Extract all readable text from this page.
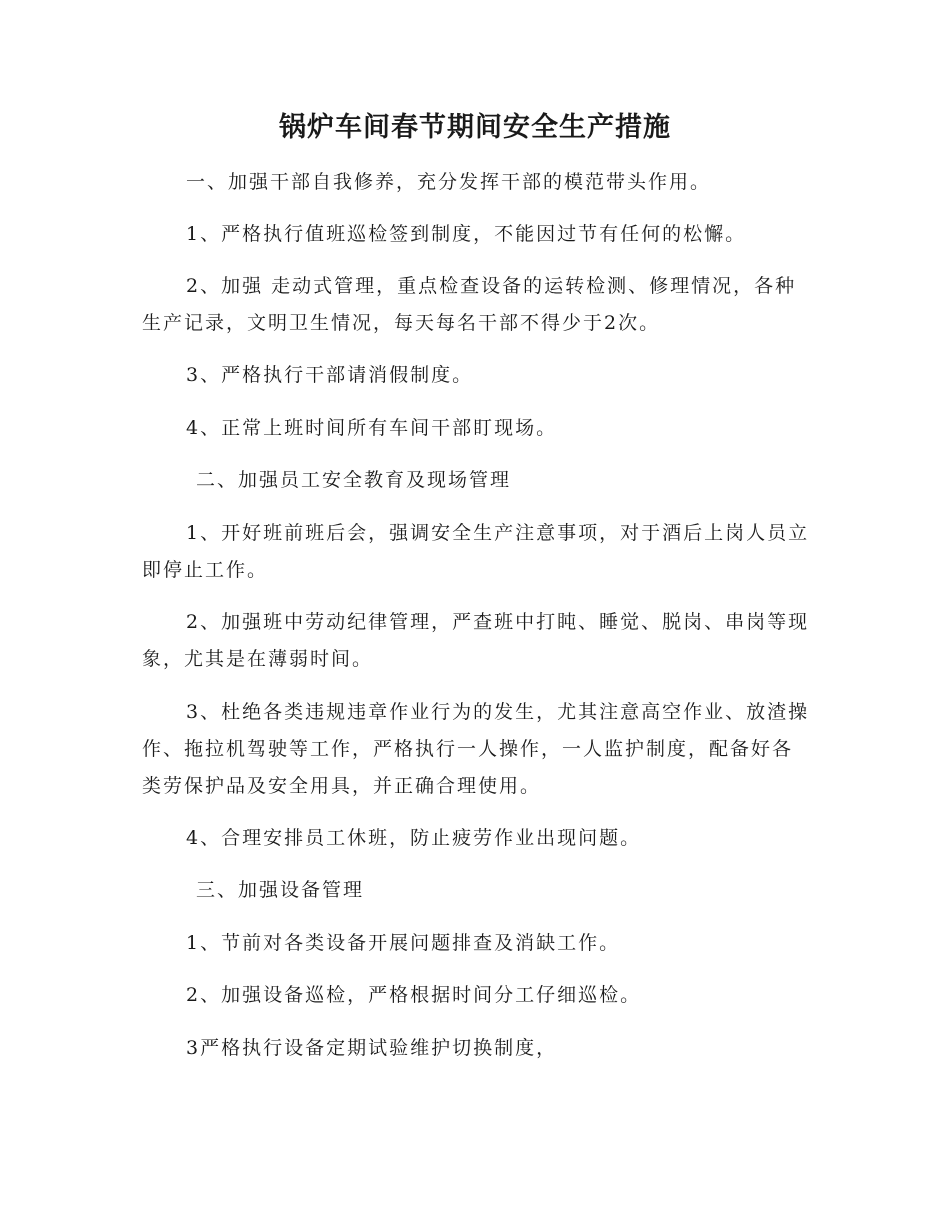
锅炉车间春节期间安全生产措施

一、加强干部自我修养，充分发挥干部的模范带头作用。

1、严格执行值班巡检签到制度，不能因过节有任何的松懈。

2、加强 走动式管理，重点检查设备的运转检测、修理情况，各种生产记录，文明卫生情况，每天每名干部不得少于2次。

3、严格执行干部请消假制度。

4、正常上班时间所有车间干部盯现场。

二、加强员工安全教育及现场管理

1、开好班前班后会，强调安全生产注意事项，对于酒后上岗人员立即停止工作。

2、加强班中劳动纪律管理，严查班中打盹、睡觉、脱岗、串岗等现象，尤其是在薄弱时间。

3、杜绝各类违规违章作业行为的发生，尤其注意高空作业、放渣操作、拖拉机驾驶等工作，严格执行一人操作，一人监护制度，配备好各类劳保护品及安全用具，并正确合理使用。

4、合理安排员工休班，防止疲劳作业出现问题。

三、加强设备管理

1、节前对各类设备开展问题排查及消缺工作。

2、加强设备巡检，严格根据时间分工仔细巡检。

3严格执行设备定期试验维护切换制度，
